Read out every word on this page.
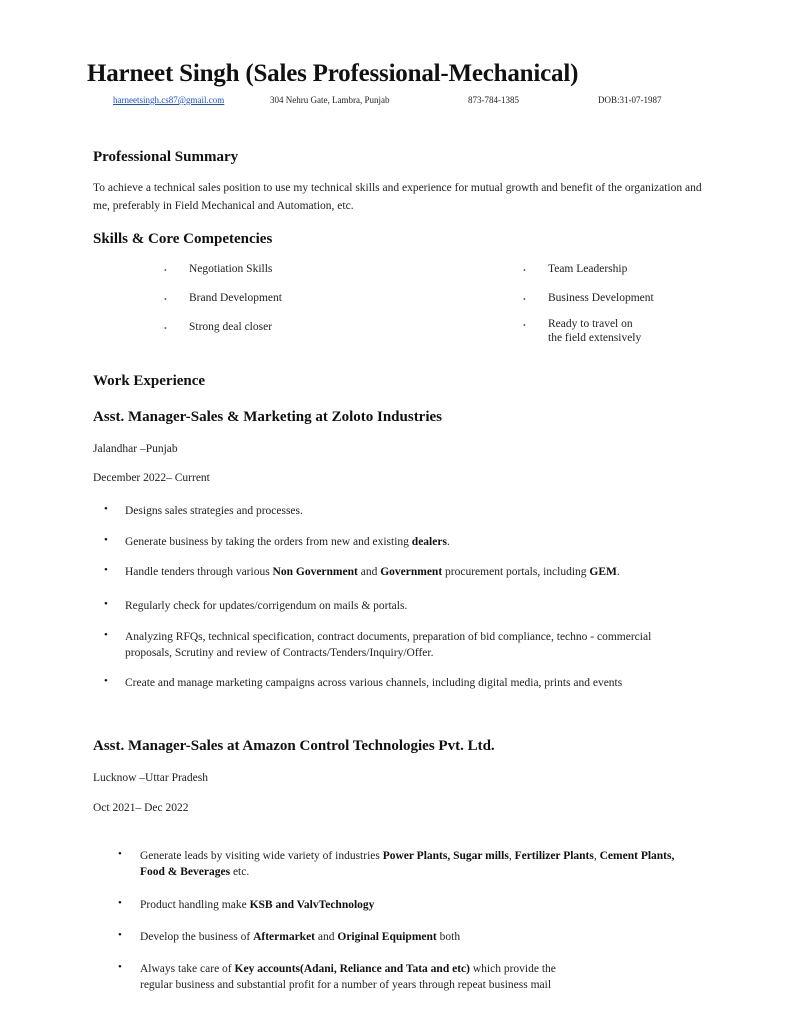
Harneet Singh (Sales Professional-Mechanical)
harneetsingh.cs87@gmail.com	304 Nehru Gate, Lambra, Punjab	873-784-1385	DOB:31-07-1987
Professional Summary
To achieve a technical sales position to use my technical skills and experience for mutual growth and benefit of the organization and me, preferably in Field Mechanical and Automation, etc.
Skills & Core Competencies
• Negotiation Skills
• Brand Development
• Strong deal closer
• Team Leadership
• Business Development
• Ready to travel on
the field extensively
Work Experience
Asst. Manager-Sales & Marketing at Zoloto Industries
Jalandhar –Punjab
December 2022– Current
• Designs sales strategies and processes.
• Generate business by taking the orders from new and existing dealers.
• Handle tenders through various Non Government and Government procurement portals, including GEM.
• Regularly check for updates/corrigendum on mails & portals.
• Analyzing RFQs, technical specification, contract documents, preparation of bid compliance, techno - commercial proposals, Scrutiny and review of Contracts/Tenders/Inquiry/Offer.
• Create and manage marketing campaigns across various channels, including digital media, prints and events
Asst. Manager-Sales at Amazon Control Technologies Pvt. Ltd.
Lucknow –Uttar Pradesh
Oct 2021– Dec 2022
• Generate leads by visiting wide variety of industries Power Plants, Sugar mills, Fertilizer Plants, Cement Plants, Food & Beverages etc.
• Product handling make KSB and ValvTechnology
• Develop the business of Aftermarket and Original Equipment both
• Always take care of Key accounts(Adani, Reliance and Tata and etc) which provide the
regular business and substantial profit for a number of years through repeat business mail
